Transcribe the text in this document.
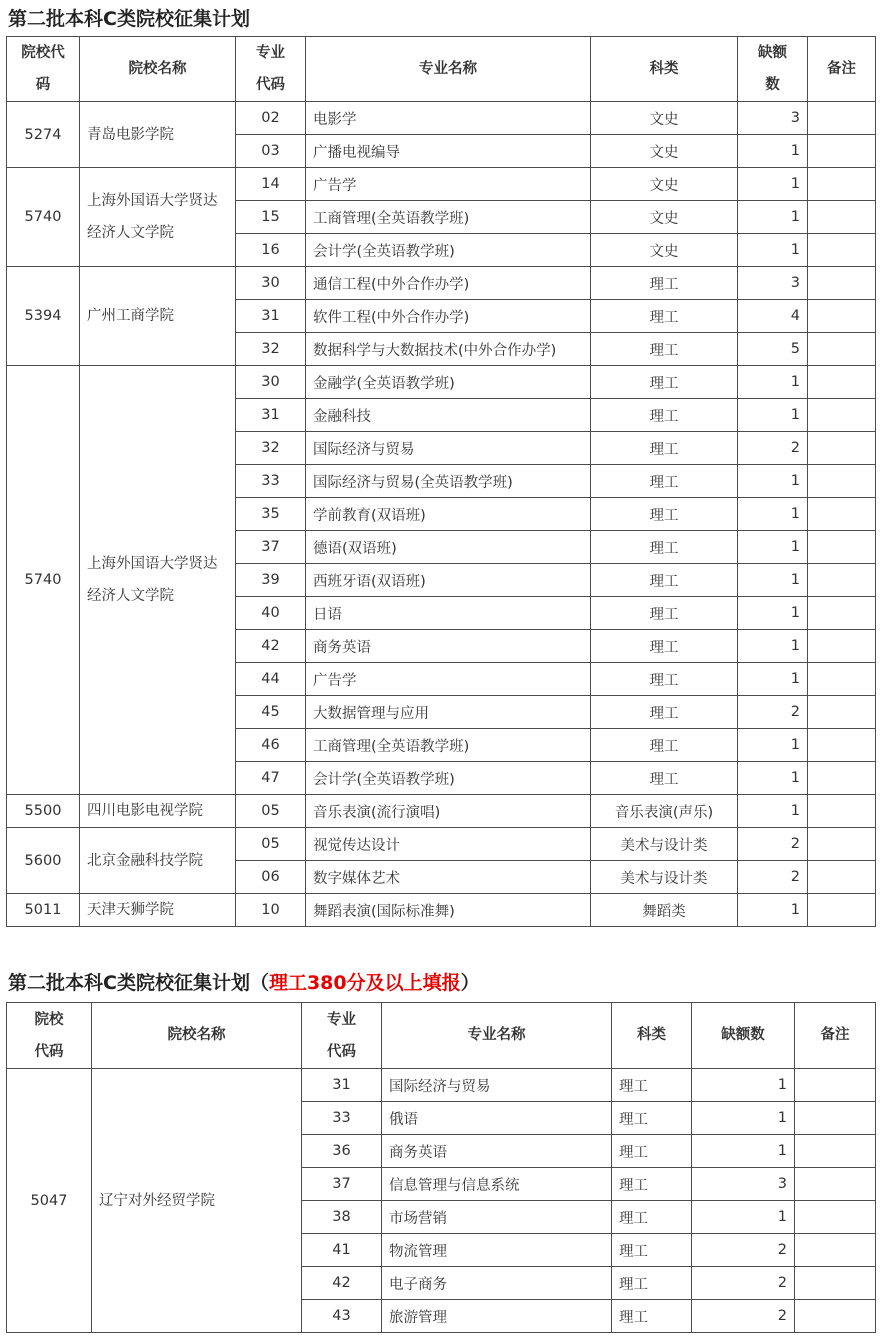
第二批本科C类院校征集计划
院校代码	院校名称	专业代码	专业名称	科类	缺额数	备注
5274	青岛电影学院	02	电影学	文史	3	
		03	广播电视编导	文史	1	
5740	上海外国语大学贤达经济人文学院	14	广告学	文史	1	
		15	工商管理(全英语教学班)	文史	1	
		16	会计学(全英语教学班)	文史	1	
5394	广州工商学院	30	通信工程(中外合作办学)	理工	3	
		31	软件工程(中外合作办学)	理工	4	
		32	数据科学与大数据技术(中外合作办学)	理工	5	
5740	上海外国语大学贤达经济人文学院	30	金融学(全英语教学班)	理工	1	
		31	金融科技	理工	1	
		32	国际经济与贸易	理工	2	
		33	国际经济与贸易(全英语教学班)	理工	1	
		35	学前教育(双语班)	理工	1	
		37	德语(双语班)	理工	1	
		39	西班牙语(双语班)	理工	1	
		40	日语	理工	1	
		42	商务英语	理工	1	
		44	广告学	理工	1	
		45	大数据管理与应用	理工	2	
		46	工商管理(全英语教学班)	理工	1	
		47	会计学(全英语教学班)	理工	1	
5500	四川电影电视学院	05	音乐表演(流行演唱)	音乐表演(声乐)	1	
5600	北京金融科技学院	05	视觉传达设计	美术与设计类	2	
		06	数字媒体艺术	美术与设计类	2	
5011	天津天狮学院	10	舞蹈表演(国际标准舞)	舞蹈类	1	
第二批本科C类院校征集计划（理工380分及以上填报）
院校代码	院校名称	专业代码	专业名称	科类	缺额数	备注
5047	辽宁对外经贸学院	31	国际经济与贸易	理工	1	
		33	俄语	理工	1	
		36	商务英语	理工	1	
		37	信息管理与信息系统	理工	3	
		38	市场营销	理工	1	
		41	物流管理	理工	2	
		42	电子商务	理工	2	
		43	旅游管理	理工	2	
